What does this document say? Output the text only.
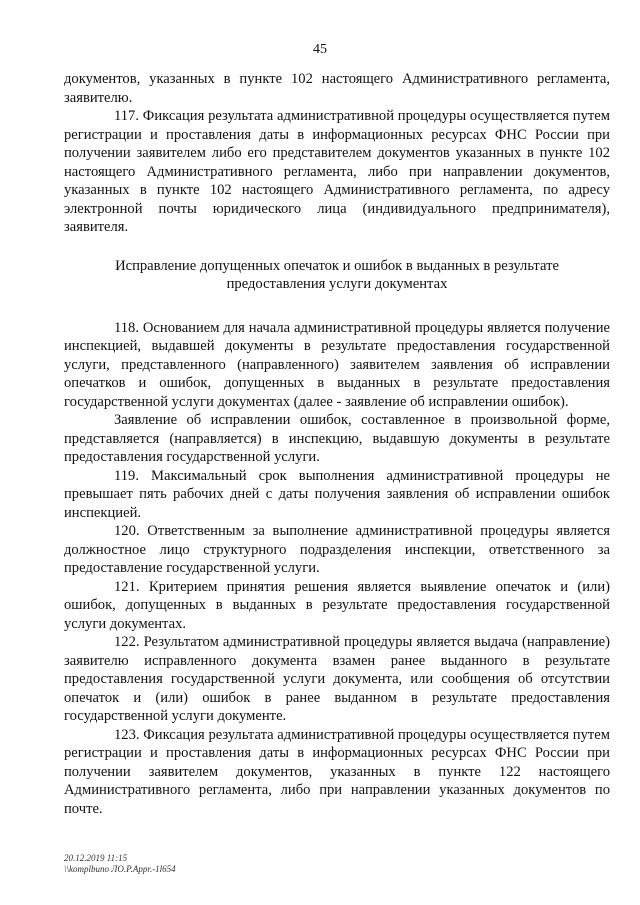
45

документов, указанных в пункте 102 настоящего Административного регламента, заявителю.

117. Фиксация результата административной процедуры осуществляется путем регистрации и проставления даты в информационных ресурсах ФНС России при получении заявителем либо его представителем документов указанных в пункте 102 настоящего Административного регламента, либо при направлении документов, указанных в пункте 102 настоящего Административного регламента, по адресу электронной почты юридического лица (индивидуального предпринимателя), заявителя.

Исправление допущенных опечаток и ошибок в выданных в результате предоставления услуги документах

118. Основанием для начала административной процедуры является получение инспекцией, выдавшей документы в результате предоставления государственной услуги, представленного (направленного) заявителем заявления об исправлении опечатков и ошибок, допущенных в выданных в результате предоставления государственной услуги документах (далее - заявление об исправлении ошибок).

Заявление об исправлении ошибок, составленное в произвольной форме, представляется (направляется) в инспекцию, выдавшую документы в результате предоставления государственной услуги.

119. Максимальный срок выполнения административной процедуры не превышает пять рабочих дней с даты получения заявления об исправлении ошибок инспекцией.

120. Ответственным за выполнение административной процедуры является должностное лицо структурного подразделения инспекции, ответственного за предоставление государственной услуги.

121. Критерием принятия решения является выявление опечаток и (или) ошибок, допущенных в выданных в результате предоставления государственной услуги документах.

122. Результатом административной процедуры является выдача (направление) заявителю исправленного документа взамен ранее выданного в результате предоставления государственной услуги документа, или сообщения об отсутствии опечаток и (или) ошибок в ранее выданном в результате предоставления государственной услуги документе.

123. Фиксация результата административной процедуры осуществляется путем регистрации и проставления даты в информационных ресурсах ФНС России при получении заявителем документов, указанных в пункте 122 настоящего Административного регламента, либо при направлении указанных документов по почте.

20.12.2019 11:15
\\komplbuno ЛО.Р.Appr.-1l654
